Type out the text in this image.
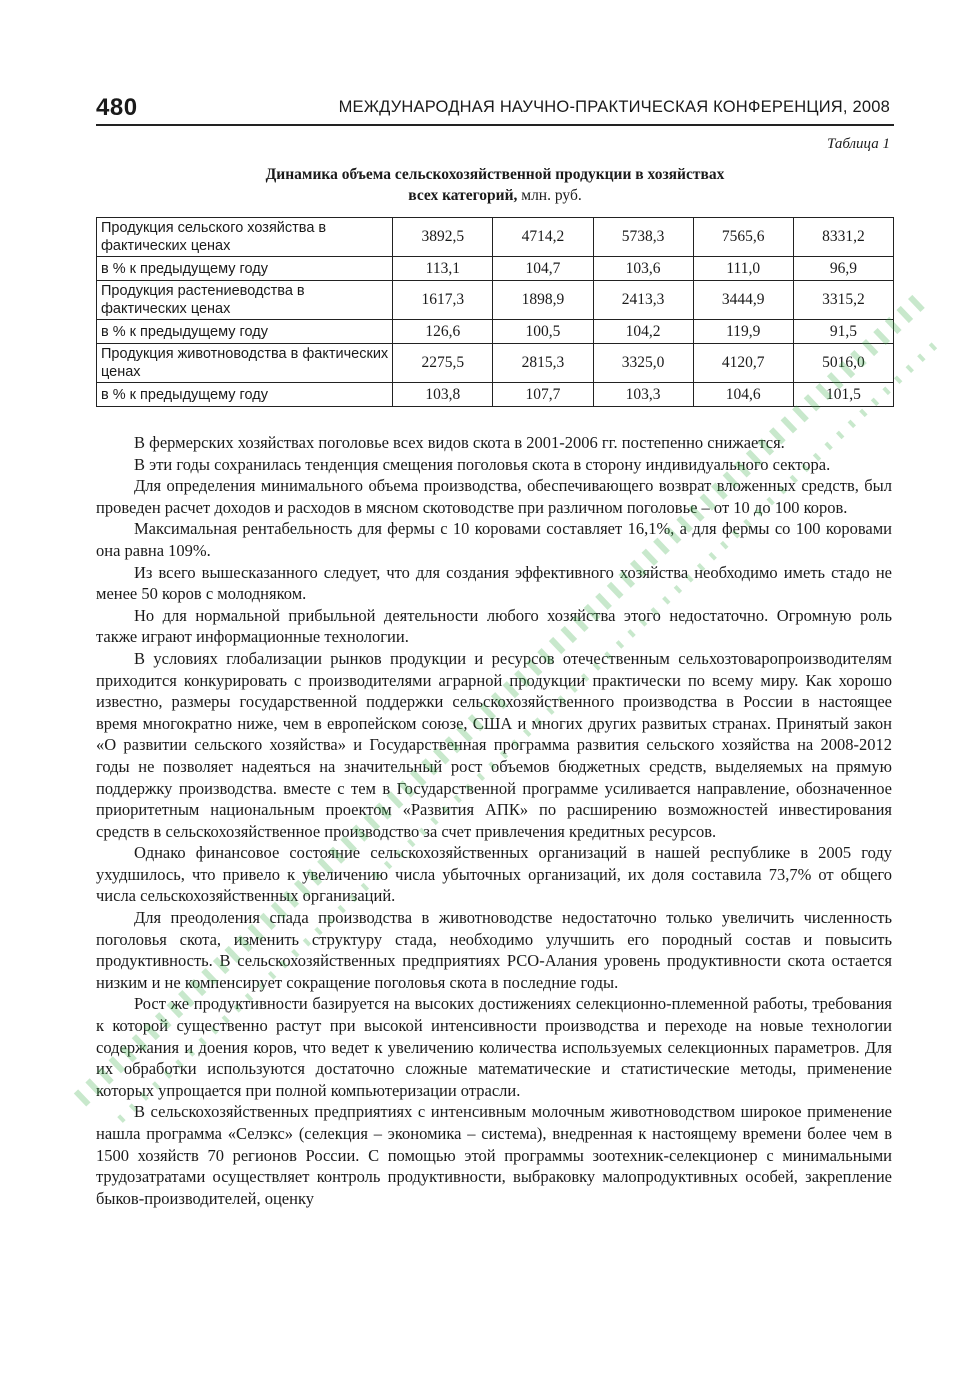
480	МЕЖДУНАРОДНАЯ НАУЧНО-ПРАКТИЧЕСКАЯ КОНФЕРЕНЦИЯ, 2008
Таблица 1
Динамика объема сельскохозяйственной продукции в хозяйствах
всех категорий, млн. руб.
Продукция сельского хозяйства в фактических ценах	3892,5	4714,2	5738,3	7565,6	8331,2
в % к предыдущему году	113,1	104,7	103,6	111,0	96,9
Продукция растениеводства в фактических ценах	1617,3	1898,9	2413,3	3444,9	3315,2
в % к предыдущему году	126,6	100,5	104,2	119,9	91,5
Продукция животноводства в фактических ценах	2275,5	2815,3	3325,0	4120,7	5016,0
в % к предыдущему году	103,8	107,7	103,3	104,6	101,5

В фермерских хозяйствах поголовье всех видов скота в 2001-2006 гг. постепенно снижается.

В эти годы сохранилась тенденция смещения поголовья скота в сторону индивидуального сектора.

Для определения минимального объема производства, обеспечивающего возврат вложенных средств, был проведен расчет доходов и расходов в мясном скотоводстве при различном поголовье – от 10 до 100 коров.

Максимальная рентабельность для фермы с 10 коровами составляет 16,1%, а для фермы со 100 коровами она равна 109%.

Из всего вышесказанного следует, что для создания эффективного хозяйства необходимо иметь стадо не менее 50 коров с молодняком.

Но для нормальной прибыльной деятельности любого хозяйства этого недостаточно. Огромную роль также играют информационные технологии.

В условиях глобализации рынков продукции и ресурсов отечественным сельхозтоваропроизводителям приходится конкурировать с производителями аграрной продукции практически по всему миру. Как хорошо известно, размеры государственной поддержки сельскохозяйственного производства в России в настоящее время многократно ниже, чем в европейском союзе, США и многих других развитых странах. Принятый закон «О развитии сельского хозяйства» и Государственная программа развития сельского хозяйства на 2008-2012 годы не позволяет надеяться на значительный рост объемов бюджетных средств, выделяемых на прямую поддержку производства. вместе с тем в Государственной программе усиливается направление, обозначенное приоритетным национальным проектом «Развития АПК» по расширению возможностей инвестирования средств в сельскохозяйственное производство за счет привлечения кредитных ресурсов.

Однако финансовое состояние сельскохозяйственных организаций в нашей республике в 2005 году ухудшилось, что привело к увеличению числа убыточных организаций, их доля составила 73,7% от общего числа сельскохозяйственных организаций.

Для преодоления спада производства в животноводстве недостаточно только увеличить численность поголовья скота, изменить структуру стада, необходимо улучшить его породный состав и повысить продуктивность. В сельскохозяйственных предприятиях РСО-Алания уровень продуктивности скота остается низким и не компенсирует сокращение поголовья скота в последние годы.

Рост же продуктивности базируется на высоких достижениях селекционно-племенной работы, требования к которой существенно растут при высокой интенсивности производства и переходе на новые технологии содержания и доения коров, что ведет к увеличению количества используемых селекционных параметров. Для их обработки используются достаточно сложные математические и статистические методы, применение которых упрощается при полной компьютеризации отрасли.

В сельскохозяйственных предприятиях с интенсивным молочным животноводством широкое применение нашла программа «Селэкс» (селекция – экономика – система), внедренная к настоящему времени более чем в 1500 хозяйств 70 регионов России. С помощью этой программы зоотехник-селекционер с минимальными трудозатратами осуществляет контроль продуктивности, выбраковку малопродуктивных особей, закрепление быков-производителей, оценку
